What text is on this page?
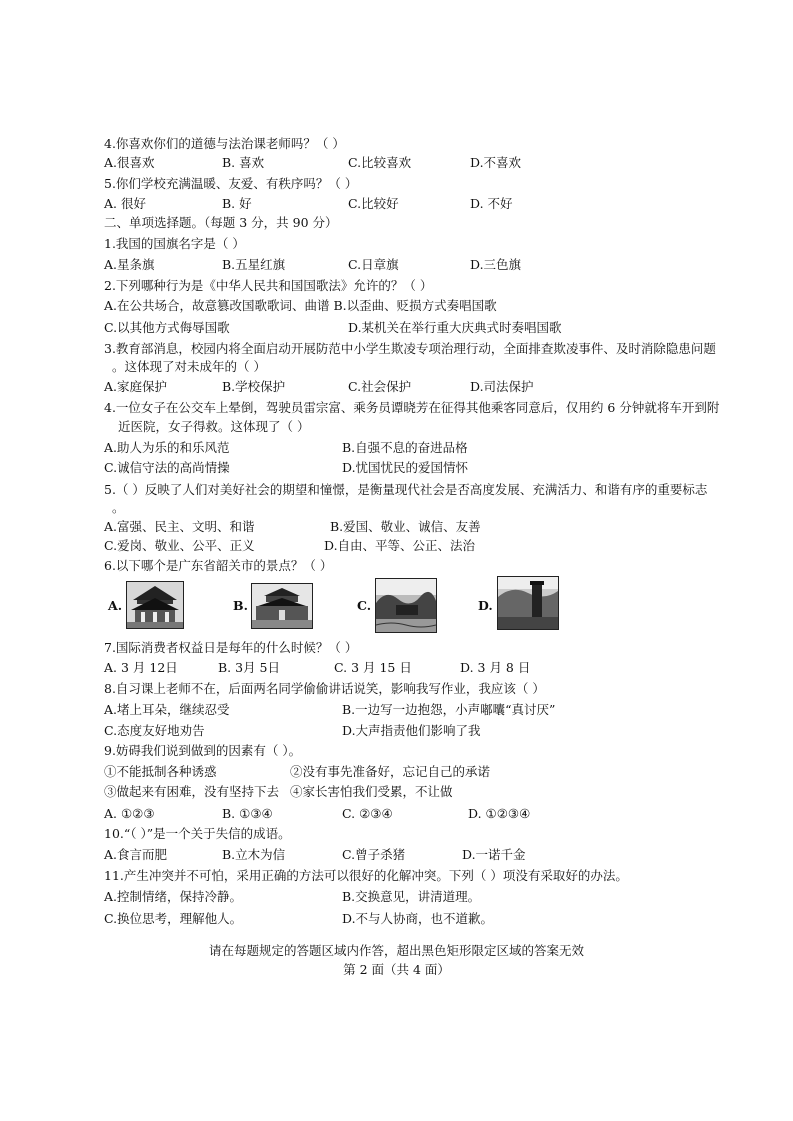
4.你喜欢你们的道德与法治课老师吗？（ ）
A.很喜欢	B. 喜欢	C.比较喜欢	D.不喜欢
5.你们学校充满温暖、友爱、有秩序吗？（ ）
A. 很好	B. 好	C.比较好	D. 不好
二、单项选择题。（每题 3 分，共 90 分）
1.我国的国旗名字是（ ）
A.星条旗	B.五星红旗	C.日章旗	D.三色旗
2.下列哪种行为是《中华人民共和国国歌法》允许的？（ ）
A.在公共场合，故意篡改国歌歌词、曲谱 B.以歪曲、贬损方式奏唱国歌
C.以其他方式侮辱国歌	D.某机关在举行重大庆典式时奏唱国歌
3.教育部消息，校园内将全面启动开展防范中小学生欺凌专项治理行动，全面排查欺凌事件、及时消除隐患问题
。这体现了对未成年的（ ）
A.家庭保护	B.学校保护	C.社会保护	D.司法保护
4.一位女子在公交车上晕倒，驾驶员雷宗富、乘务员谭晓芳在征得其他乘客同意后，仅用约 6 分钟就将车开到附
近医院，女子得救。这体现了（ ）
A.助人为乐的和乐风范	B.自强不息的奋进品格
C.诚信守法的高尚情操	D.忧国忧民的爱国情怀
5.（ ）反映了人们对美好社会的期望和憧憬，是衡量现代社会是否高度发展、充满活力、和谐有序的重要标志
。
A.富强、民主、文明、和谐	B.爱国、敬业、诚信、友善
C.爱岗、敬业、公平、正义	D.自由、平等、公正、法治
6.以下哪个是广东省韶关市的景点？（ ）
A.	B.	C.	D.
7.国际消费者权益日是每年的什么时候？（ ）
A. 3 月 12日	B. 3月 5日	C. 3 月 15 日	D. 3 月 8 日
8.自习课上老师不在，后面两名同学偷偷讲话说笑，影响我写作业，我应该（ ）
A.堵上耳朵，继续忍受	B.一边写一边抱怨，小声嘟囔“真讨厌”
C.态度友好地劝告	D.大声指责他们影响了我
9.妨碍我们说到做到的因素有（ ）。
①不能抵制各种诱惑	②没有事先准备好，忘记自己的承诺
③做起来有困难，没有坚持下去 ④家长害怕我们受累，不让做
A. ①②③	B. ①③④	C. ②③④	D. ①②③④
10.“（ ）”是一个关于失信的成语。
A.食言而肥	B.立木为信	C.曾子杀猪	D.一诺千金
11.产生冲突并不可怕，采用正确的方法可以很好的化解冲突。下列（ ）项没有采取好的办法。
A.控制情绪，保持冷静。	B.交换意见，讲清道理。
C.换位思考，理解他人。	D.不与人协商，也不道歉。
请在每题规定的答题区域内作答，超出黑色矩形限定区域的答案无效
第 2 面（共 4 面）
